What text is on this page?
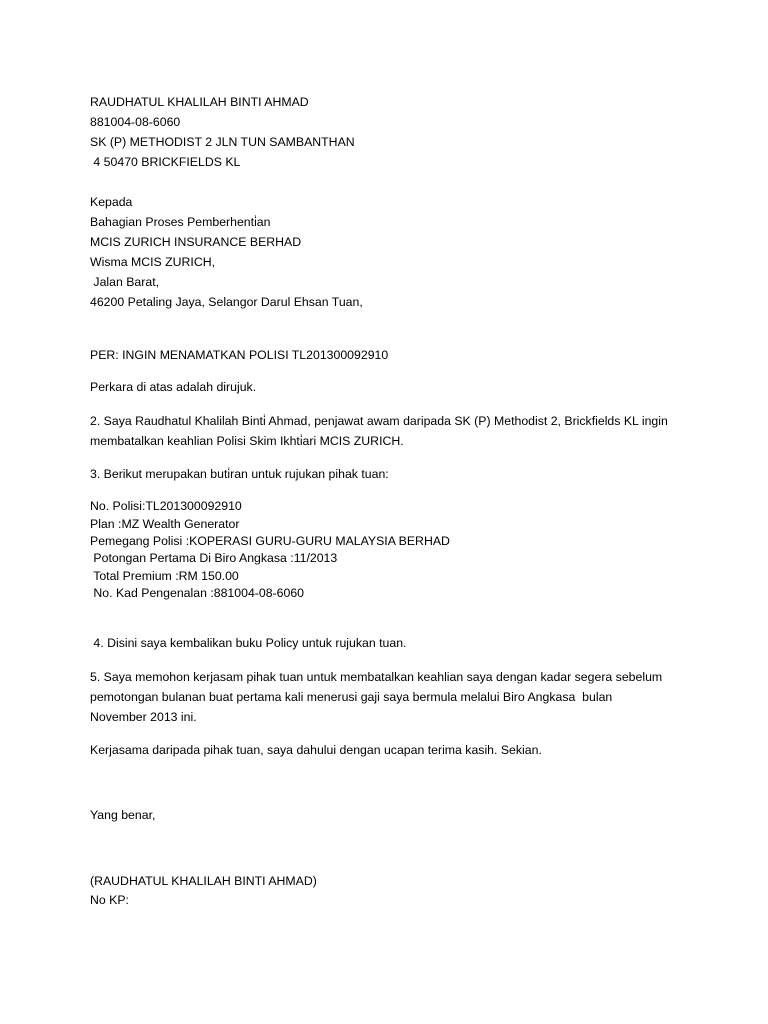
RAUDHATUL KHALILAH BINTI AHMAD
881004-08-6060
SK (P) METHODIST 2 JLN TUN SAMBANTHAN
4 50470 BRICKFIELDS KL
Kepada
Bahagian Proses Pemberhenti̇an
MCIS ZURICH INSURANCE BERHAD
Wisma MCIS ZURICH,
Jalan Barat,
46200 Petaling Jaya, Selangor Darul Ehsan Tuan,
PER: INGIN MENAMATKAN POLISI TL201300092910
Perkara di atas adalah dirujuk.
2. Saya Raudhatul Khalilah Binti̇ Ahmad, penjawat awam daripada SK (P) Methodist 2, Brickfields KL ingin
membatalkan keahlian Polisi Skim Ikhti̇ari MCIS ZURICH.
3. Berikut merupakan buti̇ran untuk rujukan pihak tuan:
No. Polisi:TL201300092910
Plan :MZ Wealth Generator
Pemegang Polisi :KOPERASI GURU-GURU MALAYSIA BERHAD
Potongan Pertama Di Biro Angkasa :11/2013
Total Premium :RM 150.00
No. Kad Pengenalan :881004-08-6060
4. Disini saya kembalikan buku Policy untuk rujukan tuan.
5. Saya memohon kerjasam pihak tuan untuk membatalkan keahlian saya dengan kadar segera sebelum
pemotongan bulanan buat pertama kali menerusi gaji saya bermula melalui Biro Angkasa  bulan
November 2013 ini.
Kerjasama daripada pihak tuan, saya dahului dengan ucapan terima kasih. Sekian.
Yang benar,
(RAUDHATUL KHALILAH BINTI AHMAD)
No KP:
